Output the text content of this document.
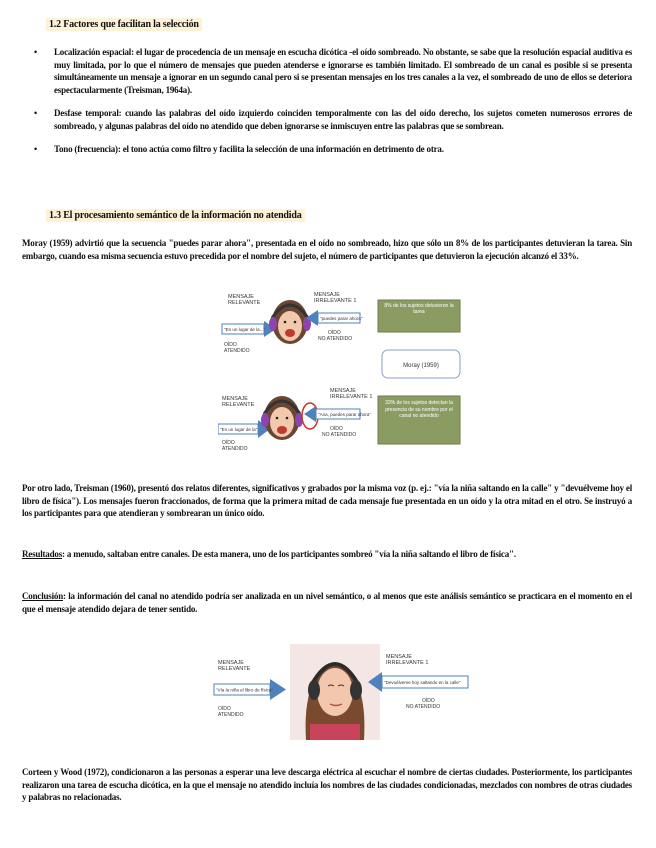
1.2 Factores que facilitan la selección
• Localización espacial: el lugar de procedencia de un mensaje en escucha dicótica -el oído sombreado. No obstante, se sabe que la resolución espacial auditiva es muy limitada, por lo que el número de mensajes que pueden atenderse e ignorarse es también limitado. El sombreado de un canal es posible si se presenta simultáneamente un mensaje a ignorar en un segundo canal pero si se presentan mensajes en los tres canales a la vez, el sombreado de uno de ellos se deteriora espectacularmente (Treisman, 1964a).
• Desfase temporal: cuando las palabras del oído izquierdo coinciden temporalmente con las del oído derecho, los sujetos cometen numerosos errores de sombreado, y algunas palabras del oído no atendido que deben ignorarse se inmiscuyen entre las palabras que se sombrean.
• Tono (frecuencia): el tono actúa como filtro y facilita la selección de una información en detrimento de otra.
1.3 El procesamiento semántico de la información no atendida

Moray (1959) advirtió que la secuencia "puedes parar ahora", presentada en el oído no sombreado, hizo que sólo un 8% de los participantes detuvieran la tarea. Sin embargo, cuando esa misma secuencia estuvo precedida por el nombre del sujeto, el número de participantes que detuvieron la ejecución alcanzó el 33%.

MENSAJE RELEVANTE
"En un lugar de la..."
OÍDO ATENDIDO
MENSAJE IRRELEVANTE 1
"puedes parar ahora"
OÍDO NO ATENDIDO
8% de los sujetos detuvieron la tarea
Moray (1959)
MENSAJE RELEVANTE
"En un lugar de la"
OÍDO ATENDIDO
MENSAJE IRRELEVANTE 1
"Ana, puedes parar ahora"
OÍDO NO ATENDIDO
33% de los sujetos detectan la presencia de su nombre por el canal no atendido

Por otro lado, Treisman (1960), presentó dos relatos diferentes, significativos y grabados por la misma voz (p. ej.: "vía la niña saltando en la calle" y "devuélveme hoy el libro de física"). Los mensajes fueron fraccionados, de forma que la primera mitad de cada mensaje fue presentada en un oído y la otra mitad en el otro. Se instruyó a los participantes para que atendieran y sombrearan un único oído.

Resultados: a menudo, saltaban entre canales. De esta manera, uno de los participantes sombreó "vía la niña saltando el libro de física".

Conclusión: la información del canal no atendido podría ser analizada en un nivel semántico, o al menos que este análisis semántico se practicara en el momento en el que el mensaje atendido dejara de tener sentido.

MENSAJE RELEVANTE
"Vía la niña el libro de física"
OÍDO ATENDIDO
MENSAJE IRRELEVANTE 1
"Devuélveme hoy saltando en la calle"
OÍDO NO ATENDIDO

Corteen y Wood (1972), condicionaron a las personas a esperar una leve descarga eléctrica al escuchar el nombre de ciertas ciudades. Posteriormente, los participantes realizaron una tarea de escucha dicótica, en la que el mensaje no atendido incluía los nombres de las ciudades condicionadas, mezclados con nombres de otras ciudades y palabras no relacionadas.
